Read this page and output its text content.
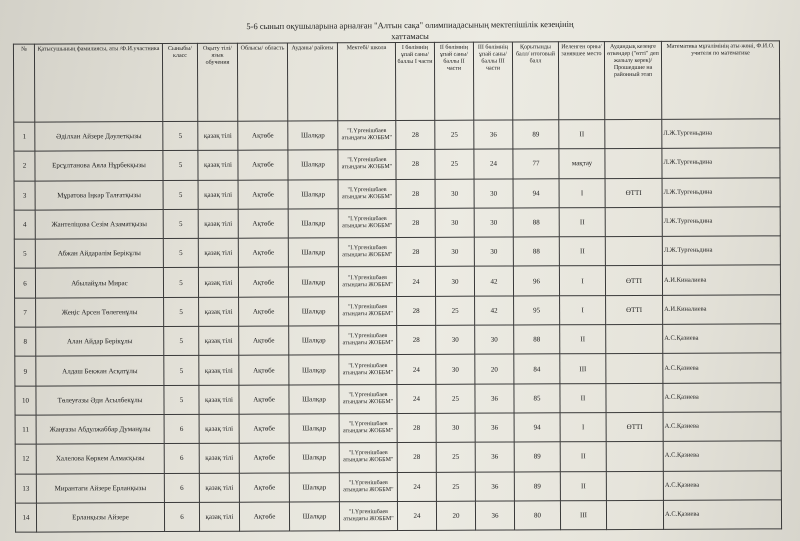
5-6 сынып оқушыларына арналған "Алтын сақа" олимпиадасының мектепішілік кезеңінің
хаттамасы
№	Қатысушының фамилиясы, аты /Ф.И.участника	Сыныбы/ класс	Оқыту тілі/ язык обучения	Облысы/ область	Ауданы/ районы	Мектебі/ школа	I бөлімнің ұпай саны/ баллы I части	II бөлімнің ұпай саны/ баллы II части	III бөлімнің ұпай саны/ баллы III части	Қорытынды балл/ итоговый балл	Иеленген орны/ занявшее место	Аудандық кезеңге өткендер ("өтті" деп жазылу керек)/ Прошедшие на районный этап	Математика мұғалімінің аты-жөні, Ф.И.О. учителя по математике
1	Әділхан Айзере Дәулетқызы	5	қазақ тілі	Ақтөбе	Шалқар	"І.Үргенішбаев атындағы ЖОББМ"	28	25	36	89	II		Л.Ж.Тургеньдина
2	Ерсұлтанова Аяла Нұрбекқызы	5	қазақ тілі	Ақтөбе	Шалқар	"І.Үргенішбаев атындағы ЖОББМ"	28	25	24	77	мақтау		Л.Ж.Тургеньдина
3	Мұратова Іңкәр Талғатқызы	5	қазақ тілі	Ақтөбе	Шалқар	"І.Үргенішбаев атындағы ЖОББМ"	28	30	30	94	I	ӨТТІ	Л.Ж.Тургеньдина
4	Жантеліцова Сезім Азаматқызы	5	қазақ тілі	Ақтөбе	Шалқар	"І.Үргенішбаев атындағы ЖОББМ"	28	30	30	88	II		Л.Ж.Тургеньдина
5	Абжан Айдарәлім Берікұлы	5	қазақ тілі	Ақтөбе	Шалқар	"І.Үргенішбаев атындағы ЖОББМ"	28	30	30	88	II		Л.Ж.Тургеньдина
6	Абылайұлы Мирас	5	қазақ тілі	Ақтөбе	Шалқар	"І.Үргенішбаев атындағы ЖОББМ"	24	30	42	96	I	ӨТТІ	А.И.Киналиева
7	Жеңіс Арсен Төлегенұлы	5	қазақ тілі	Ақтөбе	Шалқар	"І.Үргенішбаев атындағы ЖОББМ"	28	25	42	95	I	ӨТТІ	А.И.Киналиева
8	Алан Айдар Берікұлы	5	қазақ тілі	Ақтөбе	Шалқар	"І.Үргенішбаев атындағы ЖОББМ"	28	30	30	88	II		А.С.Қазиева
9	Алдаш Бекжан Асқатұлы	5	қазақ тілі	Ақтөбе	Шалқар	"І.Үргенішбаев атындағы ЖОББМ"	24	30	20	84	III		А.С.Қазиева
10	Төлеуғазы Әди Асылбекұлы	5	қазақ тілі	Ақтөбе	Шалқар	"І.Үргенішбаев атындағы ЖОББМ"	24	25	36	85	II		А.С.Қазиева
11	Жаңғазы Абдулжаббар Думанұлы	6	қазақ тілі	Ақтөбе	Шалқар	"І.Үргенішбаев атындағы ЖОББМ"	28	30	36	94	I	ӨТТІ	А.С.Қазиева
12	Халелова Көркем Алмасқызы	6	қазақ тілі	Ақтөбе	Шалқар	"І.Үргенішбаев атындағы ЖОББМ"	28	25	36	89	II		А.С.Қазиева
13	Мирантаги Айзере Ерланқызы	6	қазақ тілі	Ақтөбе	Шалқар	"І.Үргенішбаев атындағы ЖОББМ"	24	25	36	89	II		А.С.Қазиева
14	Ерланқызы Айзере	6	қазақ тілі	Ақтөбе	Шалқар	"І.Үргенішбаев атындағы ЖОББМ"	24	20	36	80	III		А.С.Қазиева
